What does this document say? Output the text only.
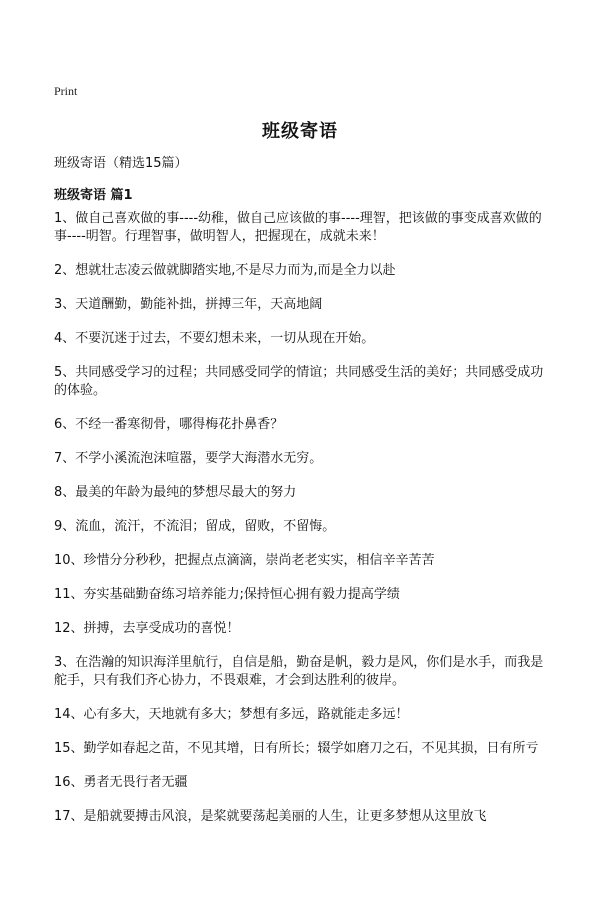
Print
班级寄语
班级寄语（精选15篇）
班级寄语 篇1
1、做自己喜欢做的事----幼稚，做自己应该做的事----理智，把该做的事变成喜欢做的事----明智。行理智事，做明智人，把握现在，成就未来！
2、想就壮志凌云做就脚踏实地,不是尽力而为,而是全力以赴
3、天道酬勤，勤能补拙，拼搏三年，天高地阔
4、不要沉迷于过去，不要幻想未来，一切从现在开始。
5、共同感受学习的过程；共同感受同学的情谊；共同感受生活的美好；共同感受成功的体验。
6、不经一番寒彻骨，哪得梅花扑鼻香？
7、不学小溪流泡沫喧嚣，要学大海潜水无穷。
8、最美的年龄为最纯的梦想尽最大的努力
9、流血，流汗，不流泪；留成，留败，不留悔。
10、珍惜分分秒秒，把握点点滴滴，崇尚老老实实，相信辛辛苦苦
11、夯实基础勤奋练习培养能力;保持恒心拥有毅力提高学绩
12、拼搏，去享受成功的喜悦！
3、在浩瀚的知识海洋里航行，自信是船，勤奋是帆，毅力是风，你们是水手，而我是舵手，只有我们齐心协力，不畏艰难，才会到达胜利的彼岸。
14、心有多大，天地就有多大；梦想有多远，路就能走多远！
15、勤学如春起之苗，不见其增，日有所长；辍学如磨刀之石，不见其损，日有所亏
16、勇者无畏行者无疆
17、是船就要搏击风浪，是桨就要荡起美丽的人生，让更多梦想从这里放飞
